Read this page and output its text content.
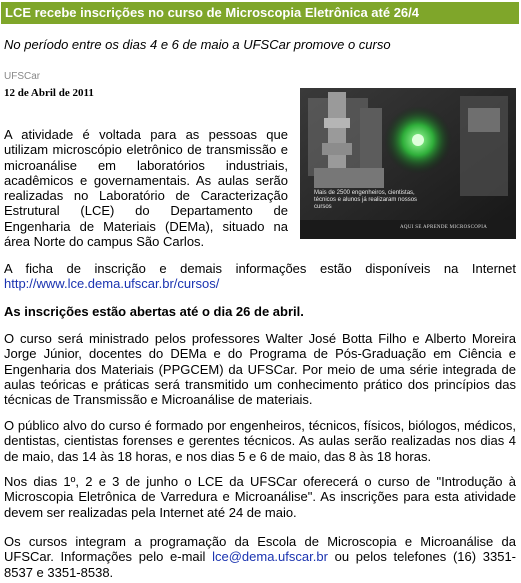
LCE recebe inscrições no curso de Microscopia Eletrônica até 26/4
No período entre os dias 4 e 6 de maio a UFSCar promove o curso
UFSCar
12 de Abril de 2011
Mais de 2500 engenheiros, cientistas, técnicos e alunos já realizaram nossos cursos
AQUI SE APRENDE MICROSCOPIA

A atividade é voltada para as pessoas que utilizam microscópio eletrônico de transmissão e microanálise em laboratórios industriais, acadêmicos e governamentais. As aulas serão realizadas no Laboratório de Caracterização Estrutural (LCE) do Departamento de Engenharia de Materiais (DEMa), situado na área Norte do campus São Carlos.

A ficha de inscrição e demais informações estão disponíveis na Internet http://www.lce.dema.ufscar.br/cursos/

As inscrições estão abertas até o dia 26 de abril.

O curso será ministrado pelos professores Walter José Botta Filho e Alberto Moreira Jorge Júnior, docentes do DEMa e do Programa de Pós-Graduação em Ciência e Engenharia dos Materiais (PPGCEM) da UFSCar. Por meio de uma série integrada de aulas teóricas e práticas será transmitido um conhecimento prático dos princípios das técnicas de Transmissão e Microanálise de materiais.

O público alvo do curso é formado por engenheiros, técnicos, físicos, biólogos, médicos, dentistas, cientistas forenses e gerentes técnicos. As aulas serão realizadas nos dias 4 de maio, das 14 às 18 horas, e nos dias 5 e 6 de maio, das 8 às 18 horas.

Nos dias 1º, 2 e 3 de junho o LCE da UFSCar oferecerá o curso de "Introdução à Microscopia Eletrônica de Varredura e Microanálise". As inscrições para esta atividade devem ser realizadas pela Internet até 24 de maio.

Os cursos integram a programação da Escola de Microscopia e Microanálise da UFSCar. Informações pelo e-mail lce@dema.ufscar.br ou pelos telefones (16) 3351-8537 e 3351-8538.
